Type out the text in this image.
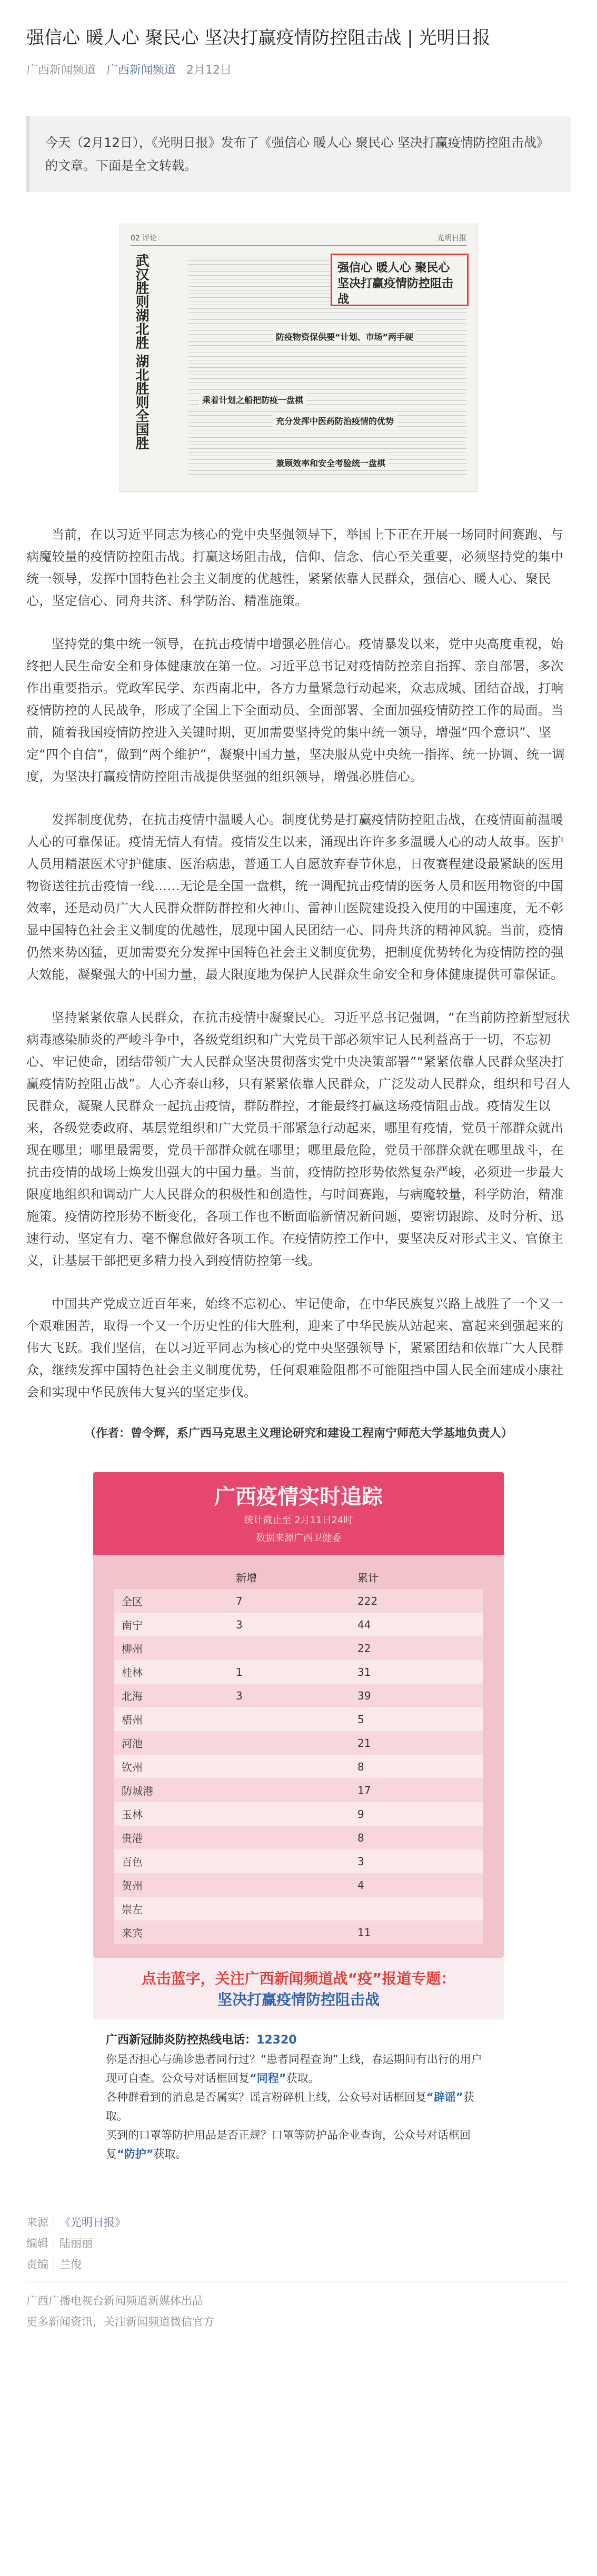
强信心 暖人心 聚民心 坚决打赢疫情防控阻击战 | 光明日报
广西新闻频道 广西新闻频道 2月12日
今天（2月12日），《光明日报》发布了《强信心 暖人心 聚民心 坚决打赢疫情防控阻击战》的文章。下面是全文转载。
02 评论	光明日报
武汉胜则湖北胜 湖北胜则全国胜	强信心 暖人心 聚民心 坚决打赢疫情防控阻击战
乘着计划之船把防疫一盘棋
防疫物资保供要“计划、市场”两手硬
充分发挥中医药防治疫情的优势
兼顾效率和安全考验统一盘棋

当前，在以习近平同志为核心的党中央坚强领导下，举国上下正在开展一场同时间赛跑、与病魔较量的疫情防控阻击战。打赢这场阻击战，信仰、信念、信心至关重要，必须坚持党的集中统一领导，发挥中国特色社会主义制度的优越性，紧紧依靠人民群众，强信心、暖人心、聚民心，坚定信心、同舟共济、科学防治、精准施策。

坚持党的集中统一领导，在抗击疫情中增强必胜信心。疫情暴发以来，党中央高度重视，始终把人民生命安全和身体健康放在第一位。习近平总书记对疫情防控亲自指挥、亲自部署，多次作出重要指示。党政军民学、东西南北中，各方力量紧急行动起来，众志成城、团结奋战，打响疫情防控的人民战争，形成了全国上下全面动员、全面部署、全面加强疫情防控工作的局面。当前，随着我国疫情防控进入关键时期，更加需要坚持党的集中统一领导，增强“四个意识”、坚定“四个自信”，做到“两个维护”，凝聚中国力量，坚决服从党中央统一指挥、统一协调、统一调度，为坚决打赢疫情防控阻击战提供坚强的组织领导，增强必胜信心。

发挥制度优势，在抗击疫情中温暖人心。制度优势是打赢疫情防控阻击战，在疫情面前温暖人心的可靠保证。疫情无情人有情。疫情发生以来，涌现出许许多多温暖人心的动人故事。医护人员用精湛医术守护健康、医治病患，普通工人自愿放弃春节休息，日夜赛程建设最紧缺的医用物资送往抗击疫情一线……无论是全国一盘棋，统一调配抗击疫情的医务人员和医用物资的中国效率，还是动员广大人民群众群防群控和火神山、雷神山医院建设投入使用的中国速度，无不彰显中国特色社会主义制度的优越性，展现中国人民团结一心、同舟共济的精神风貌。当前，疫情仍然来势凶猛，更加需要充分发挥中国特色社会主义制度优势，把制度优势转化为疫情防控的强大效能，凝聚强大的中国力量，最大限度地为保护人民群众生命安全和身体健康提供可靠保证。

坚持紧紧依靠人民群众，在抗击疫情中凝聚民心。习近平总书记强调，“在当前防控新型冠状病毒感染肺炎的严峻斗争中，各级党组织和广大党员干部必须牢记人民利益高于一切，不忘初心、牢记使命，团结带领广大人民群众坚决贯彻落实党中央决策部署”“紧紧依靠人民群众坚决打赢疫情防控阻击战”。人心齐泰山移，只有紧紧依靠人民群众，广泛发动人民群众，组织和号召人民群众，凝聚人民群众一起抗击疫情，群防群控，才能最终打赢这场疫情阻击战。疫情发生以来，各级党委政府、基层党组织和广大党员干部紧急行动起来，哪里有疫情，党员干部群众就出现在哪里；哪里最需要，党员干部群众就在哪里；哪里最危险，党员干部群众就在哪里战斗，在抗击疫情的战场上焕发出强大的中国力量。当前，疫情防控形势依然复杂严峻，必须进一步最大限度地组织和调动广大人民群众的积极性和创造性，与时间赛跑，与病魔较量，科学防治，精准施策。疫情防控形势不断变化，各项工作也不断面临新情况新问题，要密切跟踪、及时分析、迅速行动、坚定有力、毫不懈怠做好各项工作。在疫情防控工作中，要坚决反对形式主义、官僚主义，让基层干部把更多精力投入到疫情防控第一线。

中国共产党成立近百年来，始终不忘初心、牢记使命，在中华民族复兴路上战胜了一个又一个艰难困苦，取得一个又一个历史性的伟大胜利，迎来了中华民族从站起来、富起来到强起来的伟大飞跃。我们坚信，在以习近平同志为核心的党中央坚强领导下，紧紧团结和依靠广大人民群众，继续发挥中国特色社会主义制度优势，任何艰难险阻都不可能阻挡中国人民全面建成小康社会和实现中华民族伟大复兴的坚定步伐。

（作者：曾令辉，系广西马克思主义理论研究和建设工程南宁师范大学基地负责人）
广西疫情实时追踪
统计截止至 2月11日24时
数据来源广西卫健委
	新增	累计
全区	7	222
南宁	3	44
柳州		22
桂林	1	31
北海	3	39
梧州		5
河池		21
钦州		8
防城港		17
玉林		9
贵港		8
百色		3
贺州		4
崇左		
来宾		11
点击蓝字，关注广西新闻频道战“疫”报道专题：
坚决打赢疫情防控阻击战
广西新冠肺炎防控热线电话：12320

你是否担心与确诊患者同行过？“患者同程查询”上线，春运期间有出行的用户现可自查。公众号对话框回复“同程”获取。

各种群看到的消息是否属实？谣言粉碎机上线，公众号对话框回复“辟谣”获取。

买到的口罩等防护用品是否正规？口罩等防护品企业查询，公众号对话框回复“防护”获取。

来源｜《光明日报》
编辑｜陆丽丽
责编｜兰俊
广西广播电视台新闻频道新媒体出品
更多新闻资讯，关注新闻频道微信官方
